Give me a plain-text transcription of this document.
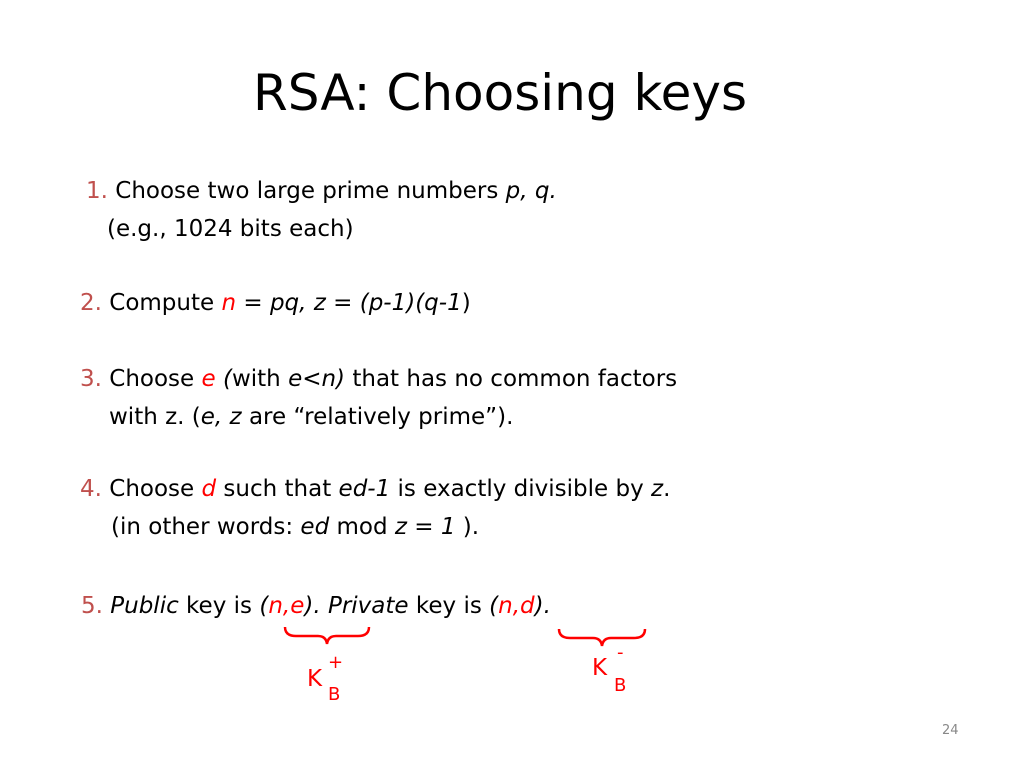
RSA: Choosing keys
1. Choose two large prime numbers p, q.
(e.g., 1024 bits each)
2. Compute n = pq, z = (p-1)(q-1)
3. Choose e (with e<n) that has no common factors
with z. (e, z are “relatively prime”).
4. Choose d such that ed-1 is exactly divisible by z.
(in other words: ed mod z = 1 ).
5. Public key is (n,e). Private key is (n,d).
K
+
B
K
-
B
24
